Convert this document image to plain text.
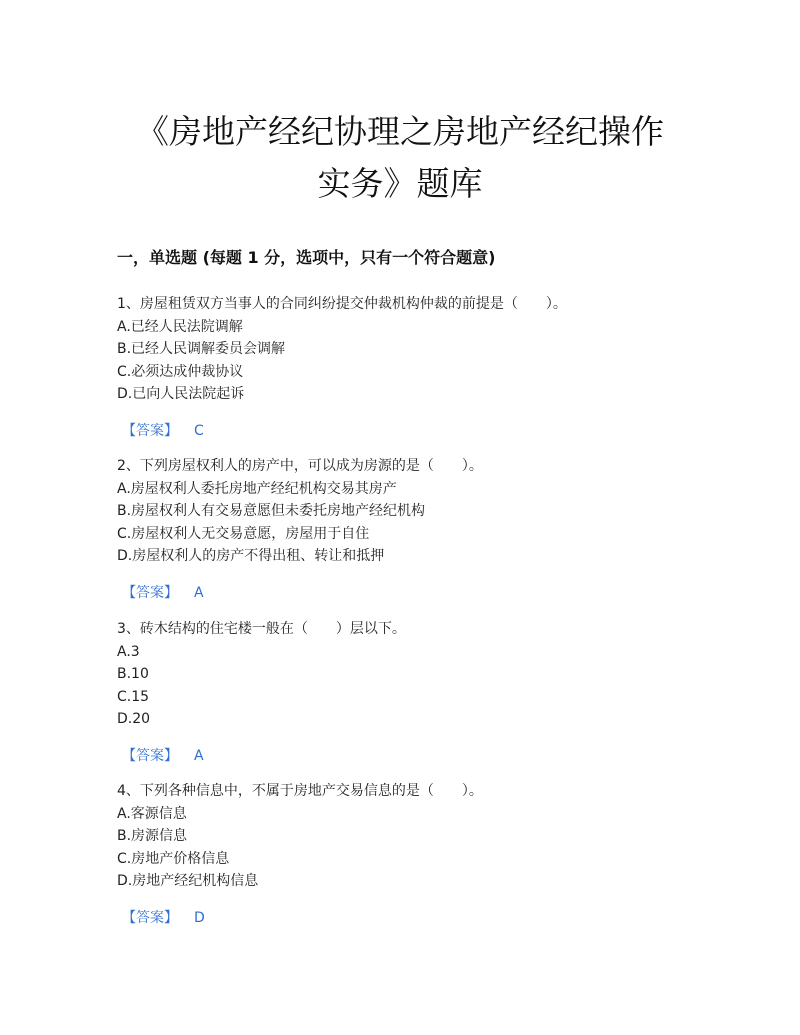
《房地产经纪协理之房地产经纪操作
实务》题库
一，单选题 (每题 1 分，选项中，只有一个符合题意)
1、房屋租赁双方当事人的合同纠纷提交仲裁机构仲裁的前提是（　　）。
A.已经人民法院调解
B.已经人民调解委员会调解
C.必须达成仲裁协议
D.已向人民法院起诉
【答案】 C
2、下列房屋权利人的房产中，可以成为房源的是（　　）。
A.房屋权利人委托房地产经纪机构交易其房产
B.房屋权利人有交易意愿但未委托房地产经纪机构
C.房屋权利人无交易意愿，房屋用于自住
D.房屋权利人的房产不得出租、转让和抵押
【答案】 A
3、砖木结构的住宅楼一般在（　　）层以下。
A.3
B.10
C.15
D.20
【答案】 A
4、下列各种信息中，不属于房地产交易信息的是（　　）。
A.客源信息
B.房源信息
C.房地产价格信息
D.房地产经纪机构信息
【答案】 D
